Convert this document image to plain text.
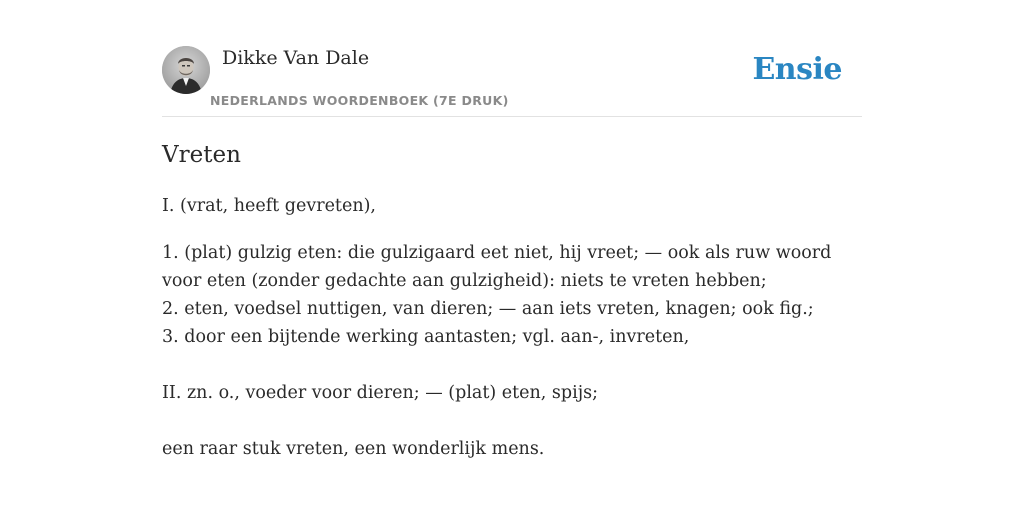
Dikke Van Dale
NEDERLANDS WOORDENBOEK (7E DRUK)
Ensie
Vreten

I. (vrat, heeft gevreten),

1. (plat) gulzig eten: die gulzigaard eet niet, hij vreet; — ook als ruw woord voor eten (zonder gedachte aan gulzigheid): niets te vreten hebben;

2. eten, voedsel nuttigen, van dieren; — aan iets vreten, knagen; ook fig.;

3. door een bijtende werking aantasten; vgl. aan-, invreten,

II. zn. o., voeder voor dieren; — (plat) eten, spijs;

een raar stuk vreten, een wonderlijk mens.
